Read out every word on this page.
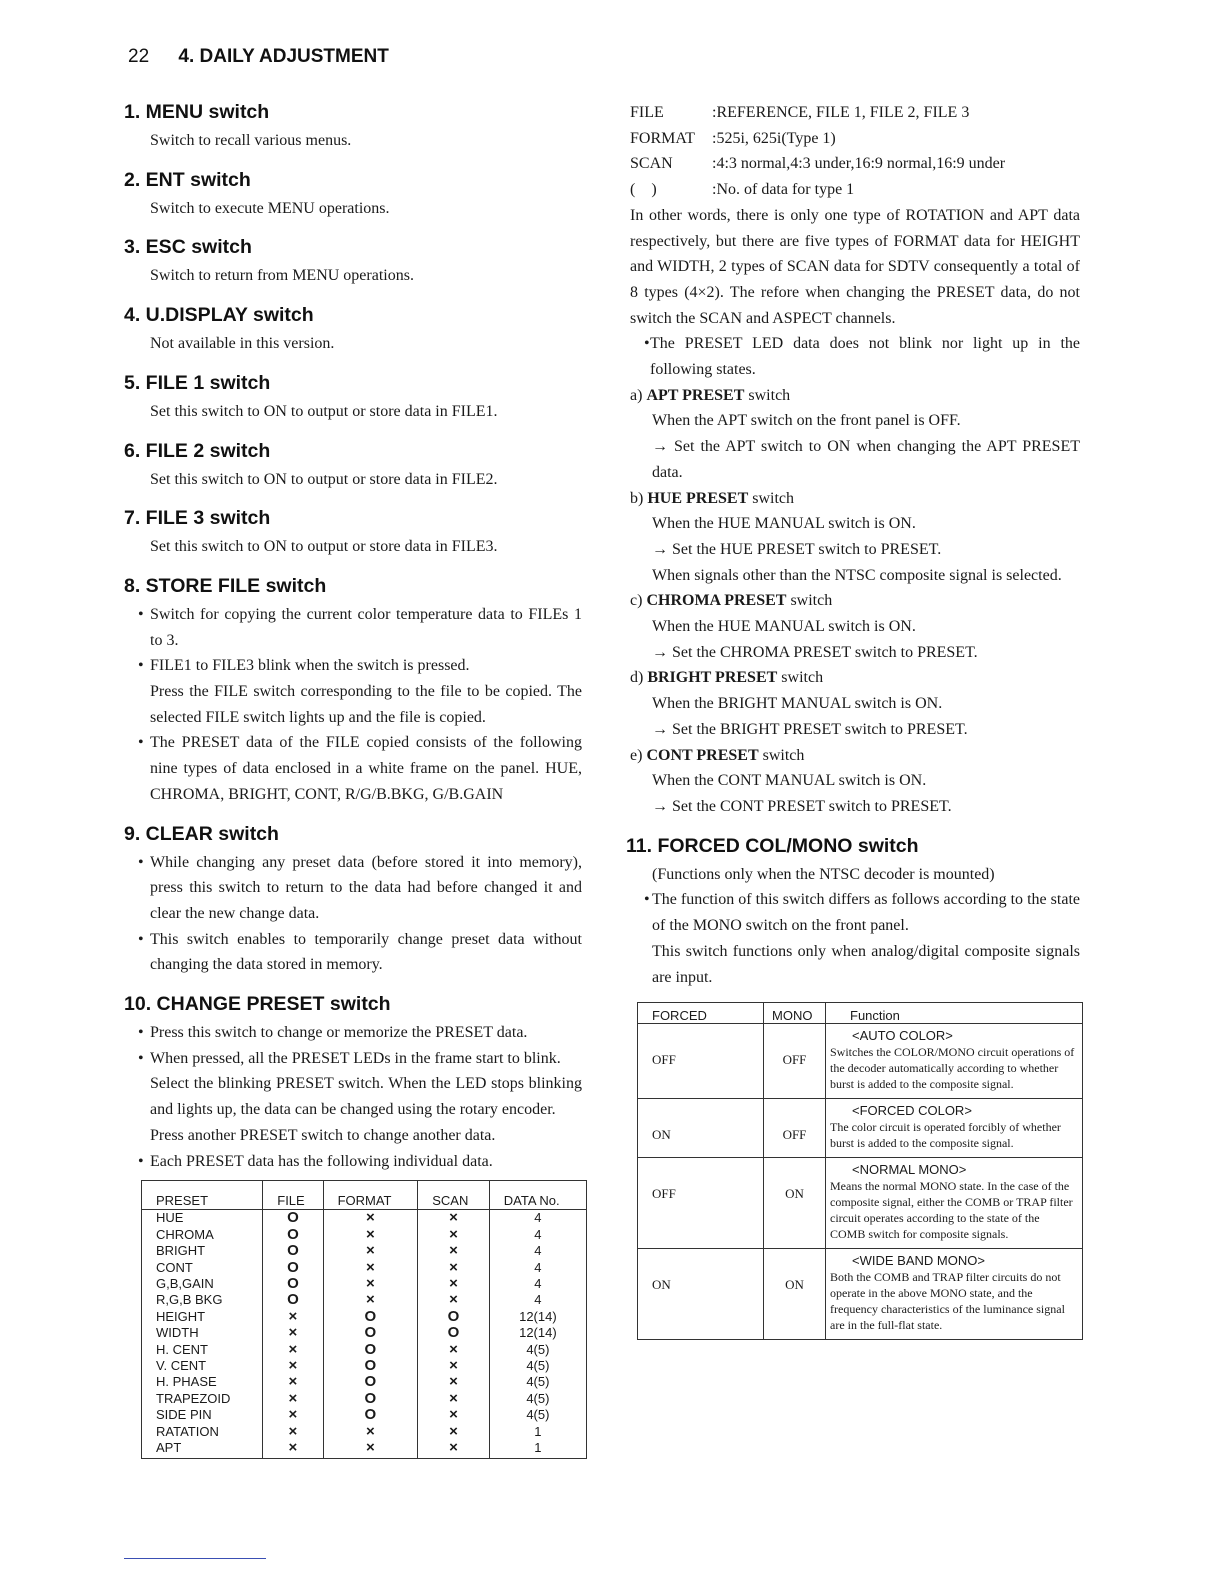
22 4. DAILY ADJUSTMENT
1. MENU switch

Switch to recall various menus.

2. ENT switch

Switch to execute MENU operations.

3. ESC switch

Switch to return from MENU operations.

4. U.DISPLAY switch

Not available in this version.

5. FILE 1 switch

Set this switch to ON to output or store data in FILE1.

6. FILE 2 switch

Set this switch to ON to output or store data in FILE2.

7. FILE 3 switch

Set this switch to ON to output or store data in FILE3.

8. STORE FILE switch

• Switch for copying the current color temperature data to FILEs 1 to 3.

• FILE1 to FILE3 blink when the switch is pressed.

Press the FILE switch corresponding to the file to be copied. The selected FILE switch lights up and the file is copied.

• The PRESET data of the FILE copied consists of the following nine types of data enclosed in a white frame on the panel. HUE, CHROMA, BRIGHT, CONT, R/G/B.BKG, G/B.GAIN

9. CLEAR switch

• While changing any preset data (before stored it into memory), press this switch to return to the data had before changed it and clear the new change data.

• This switch enables to temporarily change preset data without changing the data stored in memory.

10. CHANGE PRESET switch

• Press this switch to change or memorize the PRESET data.

• When pressed, all the PRESET LEDs in the frame start to blink.

Select the blinking PRESET switch. When the LED stops blinking and lights up, the data can be changed using the rotary encoder.

Press another PRESET switch to change another data.

• Each PRESET data has the following individual data.

PRESET	FILE	FORMAT	SCAN	DATA No.
HUE	O	×	×	4
CHROMA	O	×	×	4
BRIGHT	O	×	×	4
CONT	O	×	×	4
G,B,GAIN	O	×	×	4
R,G,B BKG	O	×	×	4
HEIGHT	×	O	O	12(14)
WIDTH	×	O	O	12(14)
H. CENT	×	O	×	4(5)
V. CENT	×	O	×	4(5)
H. PHASE	×	O	×	4(5)
TRAPEZOID	×	O	×	4(5)
SIDE PIN	×	O	×	4(5)
RATATION	×	×	×	1
APT	×	×	×	1
FILE	:REFERENCE, FILE 1, FILE 2, FILE 3
FORMAT	:525i, 625i(Type 1)
SCAN	:4:3 normal,4:3 under,16:9 normal,16:9 under
(    )	:No. of data for type 1

In other words, there is only one type of ROTATION and APT data respectively, but there are five types of FORMAT data for HEIGHT and WIDTH, 2 types of SCAN data for SDTV consequently a total of 8 types (4×2). The refore when changing the PRESET data, do not switch the SCAN and ASPECT channels.

• The PRESET LED data does not blink nor light up in the following states.

a) APT PRESET switch

When the APT switch on the front panel is OFF.

→ Set the APT switch to ON when changing the APT PRESET data.

b) HUE PRESET switch

When the HUE MANUAL switch is ON.

→ Set the HUE PRESET switch to PRESET.

When signals other than the NTSC composite signal is selected.

c) CHROMA PRESET switch

When the HUE MANUAL switch is ON.

→ Set the CHROMA PRESET switch to PRESET.

d) BRIGHT PRESET switch

When the BRIGHT MANUAL switch is ON.

→ Set the BRIGHT PRESET switch to PRESET.

e) CONT PRESET switch

When the CONT MANUAL switch is ON.

→ Set the CONT PRESET switch to PRESET.

11. FORCED COL/MONO switch

(Functions only when the NTSC decoder is mounted)

• The function of this switch differs as follows according to the state of the MONO switch on the front panel.

This switch functions only when analog/digital composite signals are input.

FORCED	MONO	Function
OFF	OFF	<AUTO COLOR>
Switches the COLOR/MONO circuit operations of the decoder automatically according to whether burst is added to the composite signal.

ON	OFF	<FORCED COLOR>
The color circuit is operated forcibly of whether burst is added to the composite signal.

OFF	ON	<NORMAL MONO>
Means the normal MONO state. In the case of the composite signal, either the COMB or TRAP filter circuit operates according to the state of the COMB switch for composite signals.

ON	ON	<WIDE BAND MONO>
Both the COMB and TRAP filter circuits do not operate in the above MONO state, and the frequency characteristics of the luminance signal are in the full-flat state.
